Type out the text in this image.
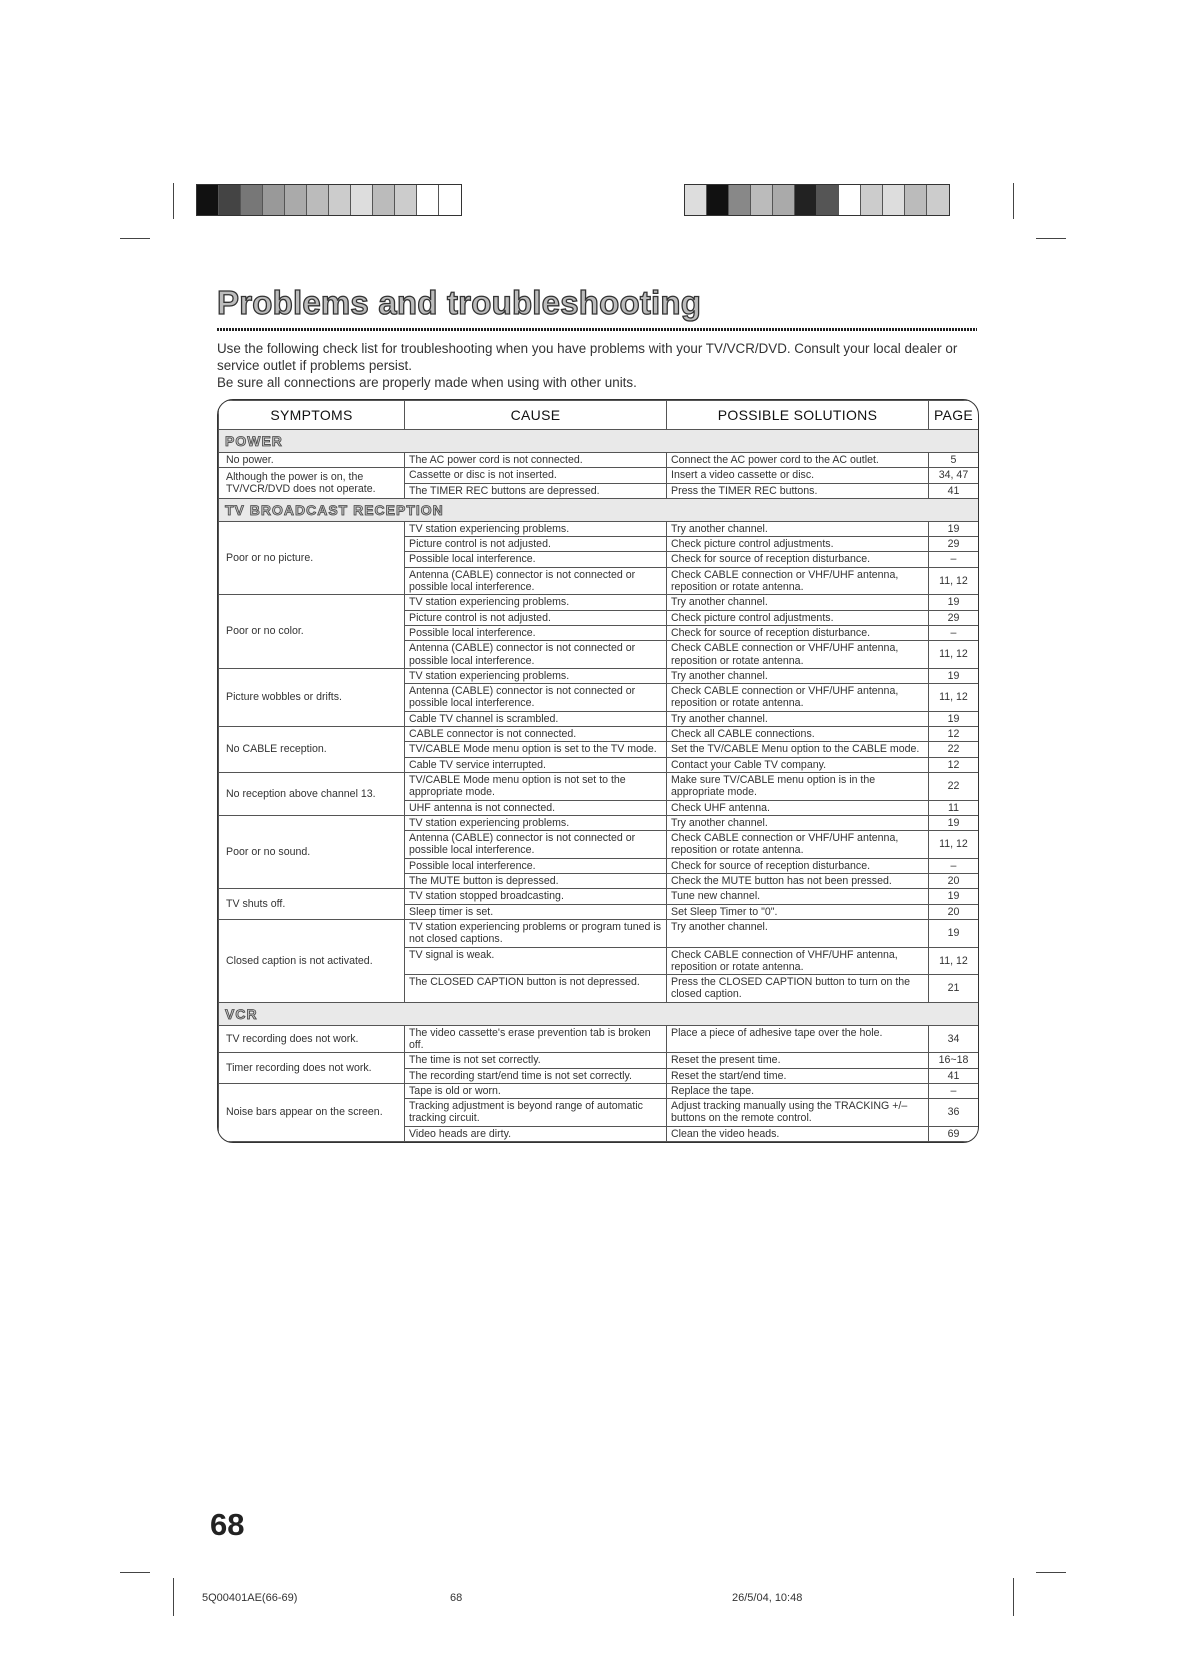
Problems and troubleshooting

Use the following check list for troubleshooting when you have problems with your TV/VCR/DVD. Consult your local dealer or service outlet if problems persist.

Be sure all connections are properly made when using with other units.

SYMPTOMS	CAUSE	POSSIBLE SOLUTIONS	PAGE
POWER			
No power.	The AC power cord is not connected.	Connect the AC power cord to the AC outlet.	5
Although the power is on, the TV/VCR/DVD does not operate.	Cassette or disc is not inserted.	Insert a video cassette or disc.	34, 47
	The TIMER REC buttons are depressed.	Press the TIMER REC buttons.	41
TV BROADCAST RECEPTION			
Poor or no picture.	TV station experiencing problems.	Try another channel.	19
	Picture control is not adjusted.	Check picture control adjustments.	29
	Possible local interference.	Check for source of reception disturbance.	–
	Antenna (CABLE) connector is not connected or possible local interference.	Check CABLE connection or VHF/UHF antenna, reposition or rotate antenna.	11, 12
Poor or no color.	TV station experiencing problems.	Try another channel.	19
	Picture control is not adjusted.	Check picture control adjustments.	29
	Possible local interference.	Check for source of reception disturbance.	–
	Antenna (CABLE) connector is not connected or possible local interference.	Check CABLE connection or VHF/UHF antenna, reposition or rotate antenna.	11, 12
Picture wobbles or drifts.	TV station experiencing problems.	Try another channel.	19
	Antenna (CABLE) connector is not connected or possible local interference.	Check CABLE connection or VHF/UHF antenna, reposition or rotate antenna.	11, 12
	Cable TV channel is scrambled.	Try another channel.	19
No CABLE reception.	CABLE connector is not connected.	Check all CABLE connections.	12
	TV/CABLE Mode menu option is set to the TV mode.	Set the TV/CABLE Menu option to the CABLE mode.	22
	Cable TV service interrupted.	Contact your Cable TV company.	12
No reception above channel 13.	TV/CABLE Mode menu option is not set to the appropriate mode.	Make sure TV/CABLE menu option is in the appropriate mode.	22
	UHF antenna is not connected.	Check UHF antenna.	11
Poor or no sound.	TV station experiencing problems.	Try another channel.	19
	Antenna (CABLE) connector is not connected or possible local interference.	Check CABLE connection or VHF/UHF antenna, reposition or rotate antenna.	11, 12
	Possible local interference.	Check for source of reception disturbance.	–
	The MUTE button is depressed.	Check the MUTE button has not been pressed.	20
TV shuts off.	TV station stopped broadcasting.	Tune new channel.	19
	Sleep timer is set.	Set Sleep Timer to "0".	20
Closed caption is not activated.	TV station experiencing problems or program tuned is not closed captions.	Try another channel.	19
	TV signal is weak.	Check CABLE connection of VHF/UHF antenna, reposition or rotate antenna.	11, 12
	The CLOSED CAPTION button is not depressed.	Press the CLOSED CAPTION button to turn on the closed caption.	21
VCR			
TV recording does not work.	The video cassette's erase prevention tab is broken off.	Place a piece of adhesive tape over the hole.	34
Timer recording does not work.	The time is not set correctly.	Reset the present time.	16~18
	The recording start/end time is not set correctly.	Reset the start/end time.	41
Noise bars appear on the screen.	Tape is old or worn.	Replace the tape.	–
	Tracking adjustment is beyond range of automatic tracking circuit.	Adjust tracking manually using the TRACKING +/– buttons on the remote control.	36
	Video heads are dirty.	Clean the video heads.	69
68
5Q00401AE(66-69)	68	26/5/04, 10:48
